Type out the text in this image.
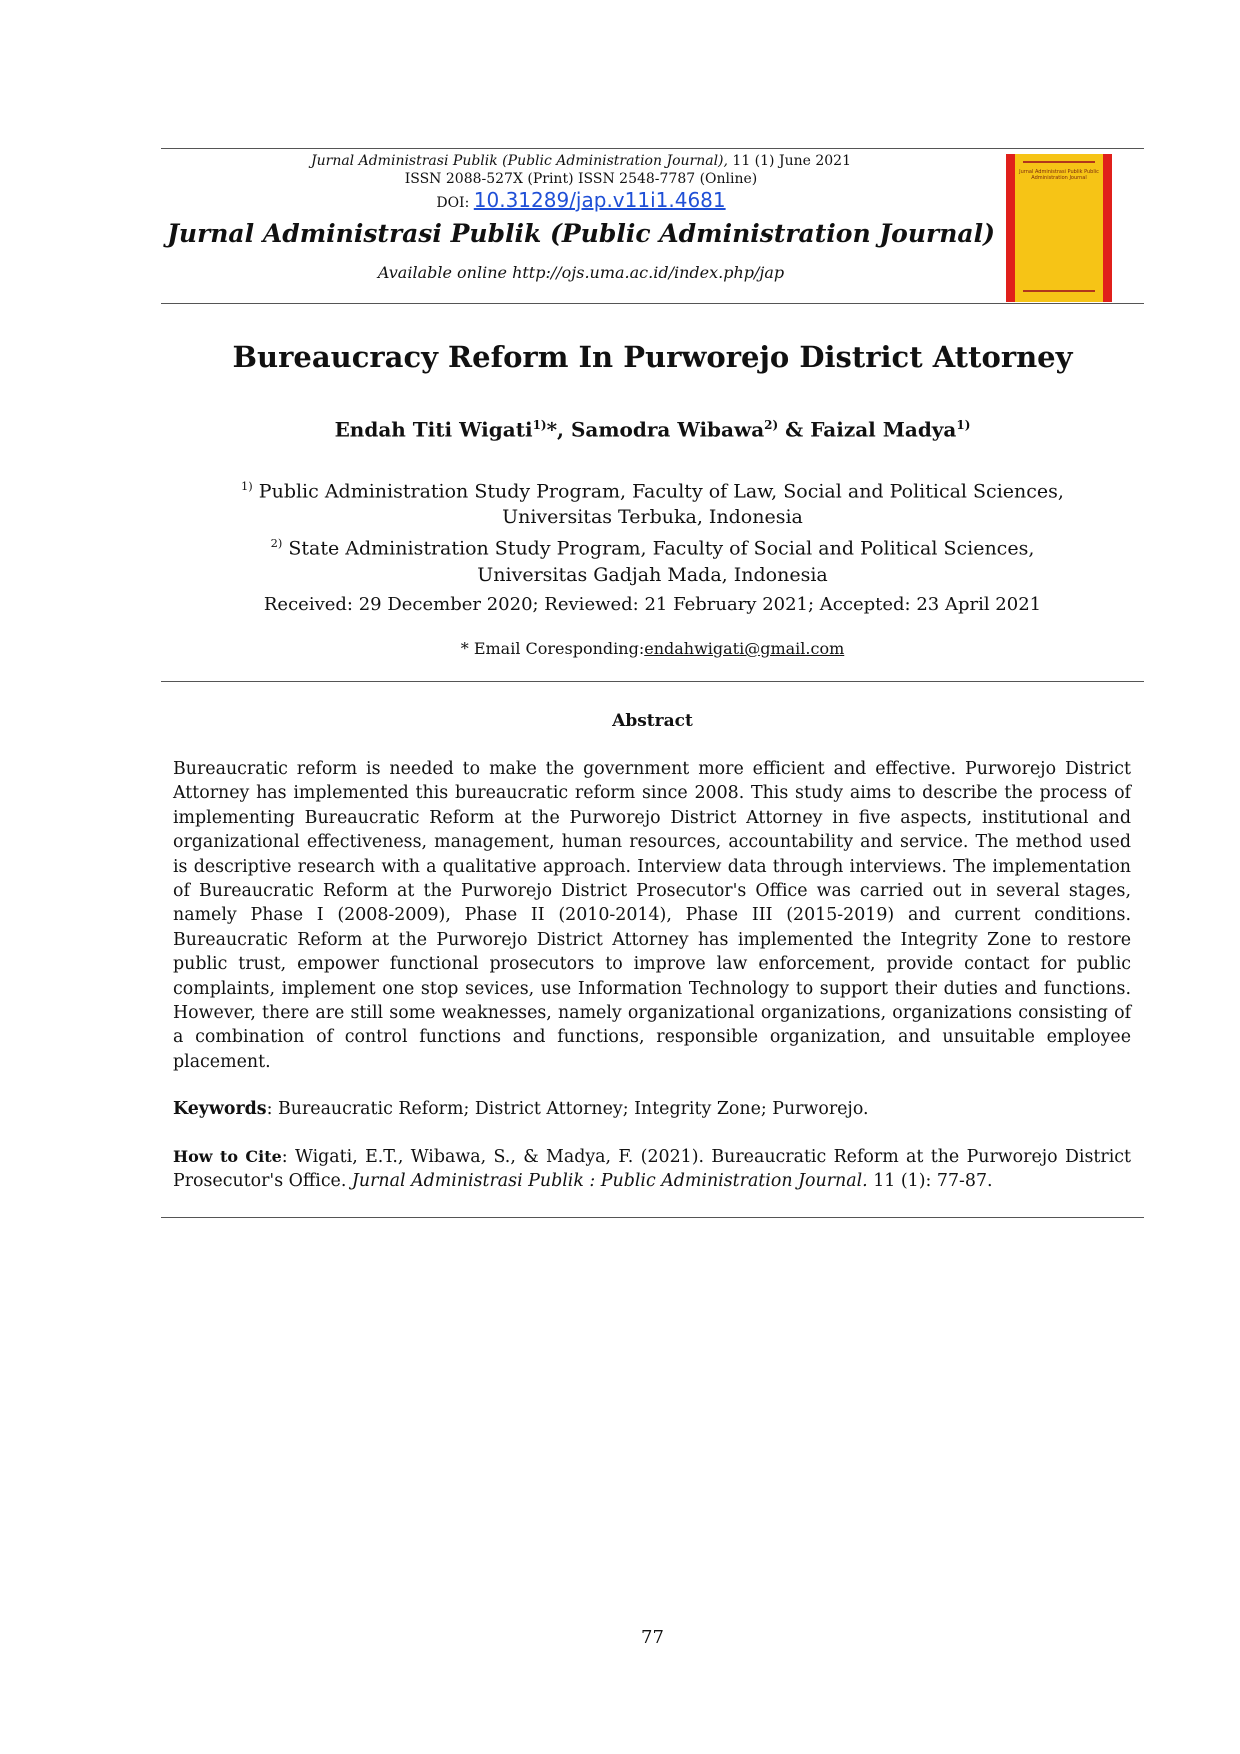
Jurnal Administrasi Publik (Public Administration Journal), 11 (1) June 2021
ISSN 2088-527X (Print) ISSN 2548-7787 (Online)
DOI: 10.31289/jap.v11i1.4681
Jurnal Administrasi Publik (Public Administration Journal)
Available online http://ojs.uma.ac.id/index.php/jap
Jurnal Administrasi Publik Public Administration Journal
Bureaucracy Reform In Purworejo District Attorney
Endah Titi Wigati$^{1)}$*, Samodra Wibawa$^{2)}$ & Faizal Madya$^{1)}$
$^{1)}$ Public Administration Study Program, Faculty of Law, Social and Political Sciences,
Universitas Terbuka, Indonesia
$^{2)}$ State Administration Study Program, Faculty of Social and Political Sciences,
Universitas Gadjah Mada, Indonesia
Received: 29 December 2020; Reviewed: 21 February 2021; Accepted: 23 April 2021
* Email Coresponding:endahwigati@gmail.com
Abstract
Bureaucratic reform is needed to make the government more efficient and effective. Purworejo District Attorney has implemented this bureaucratic reform since 2008. This study aims to describe the process of implementing Bureaucratic Reform at the Purworejo District Attorney in five aspects, institutional and organizational effectiveness, management, human resources, accountability and service. The method used is descriptive research with a qualitative approach. Interview data through interviews. The implementation of Bureaucratic Reform at the Purworejo District Prosecutor's Office was carried out in several stages, namely Phase I (2008-2009), Phase II (2010-2014), Phase III (2015-2019) and current conditions. Bureaucratic Reform at the Purworejo District Attorney has implemented the Integrity Zone to restore public trust, empower functional prosecutors to improve law enforcement, provide contact for public complaints, implement one stop sevices, use Information Technology to support their duties and functions. However, there are still some weaknesses, namely organizational organizations, organizations consisting of a combination of control functions and functions, responsible organization, and unsuitable employee placement.
Keywords: Bureaucratic Reform; District Attorney; Integrity Zone; Purworejo.
How to Cite: Wigati, E.T., Wibawa, S., & Madya, F. (2021). Bureaucratic Reform at the Purworejo District Prosecutor's Office. Jurnal Administrasi Publik : Public Administration Journal. 11 (1): 77-87.
77
